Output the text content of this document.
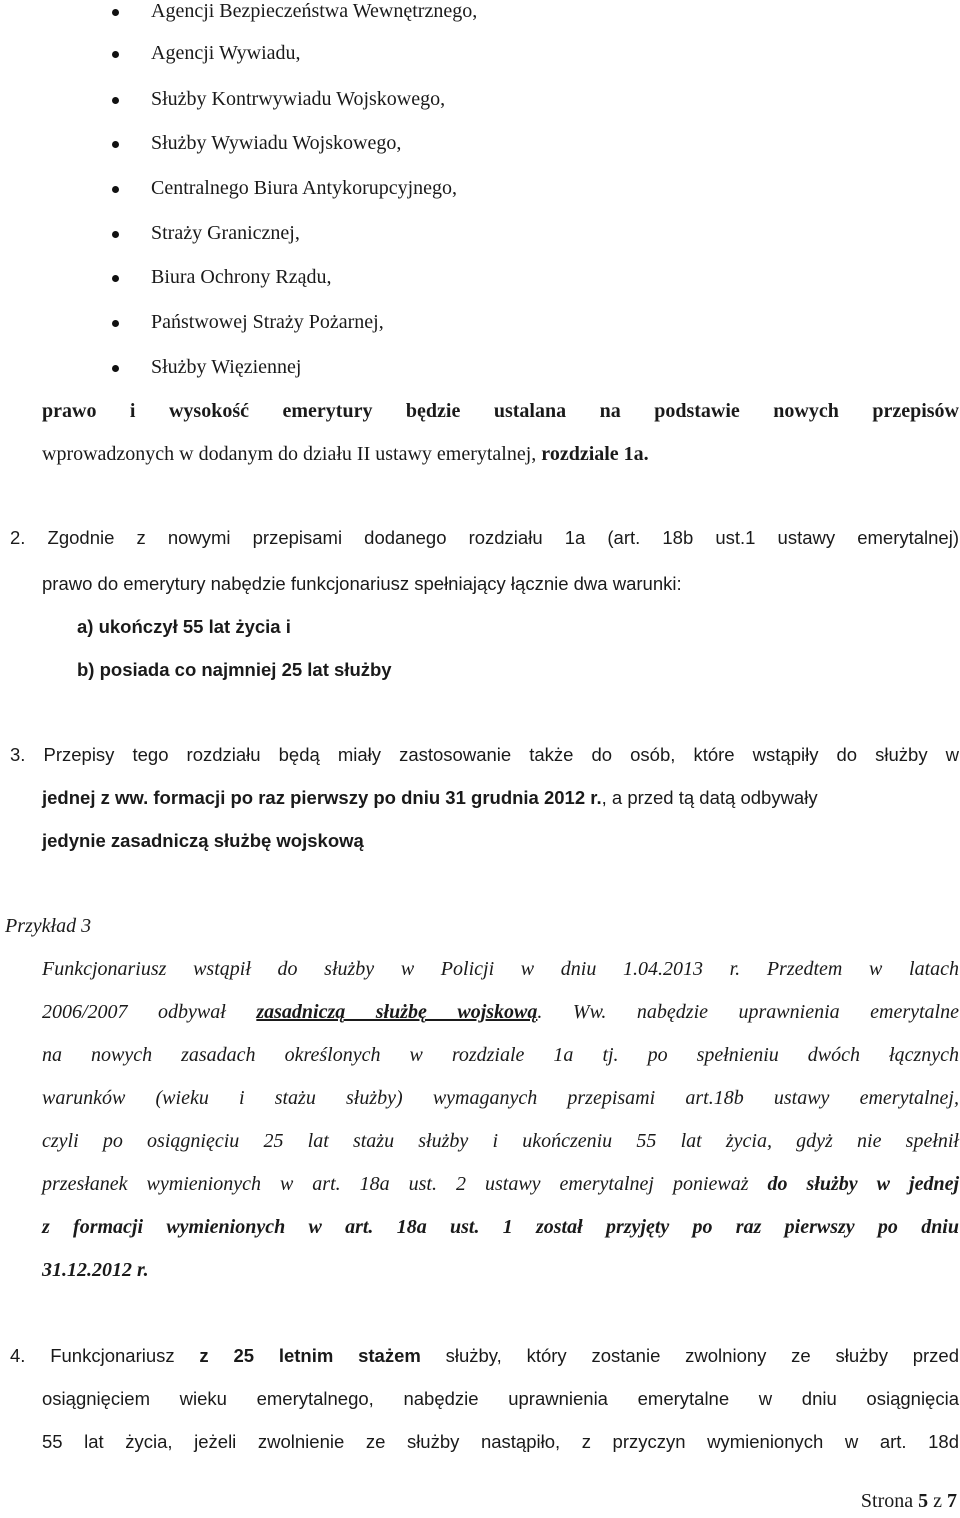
Agencji Bezpieczeństwa Wewnętrznego,
Agencji Wywiadu,
Służby Kontrwywiadu Wojskowego,
Służby Wywiadu Wojskowego,
Centralnego Biura Antykorupcyjnego,
Straży Granicznej,
Biura Ochrony Rządu,
Państwowej Straży Pożarnej,
Służby Więziennej
prawo i wysokość emerytury będzie ustalana na podstawie nowych przepisów
wprowadzonych w dodanym do działu II ustawy emerytalnej, rozdziale 1a.
2. Zgodnie z nowymi przepisami dodanego rozdziału 1a (art. 18b ust.1 ustawy emerytalnej)
prawo do emerytury nabędzie funkcjonariusz spełniający łącznie dwa warunki:
a) ukończył 55 lat życia i
b) posiada co najmniej 25 lat służby
3. Przepisy tego rozdziału będą miały zastosowanie także do osób, które wstąpiły do służby w
jednej z ww. formacji po raz pierwszy po dniu 31 grudnia 2012 r., a przed tą datą odbywały
jedynie zasadniczą służbę wojskową
Przykład 3
Funkcjonariusz wstąpił do służby w Policji w dniu 1.04.2013 r. Przedtem w latach
2006/2007 odbywał zasadniczą służbę wojskową. Ww. nabędzie uprawnienia emerytalne
na nowych zasadach określonych w rozdziale 1a tj. po spełnieniu dwóch łącznych
warunków (wieku i stażu służby) wymaganych przepisami art.18b ustawy emerytalnej,
czyli po osiągnięciu 25 lat stażu służby i ukończeniu 55 lat życia, gdyż nie spełnił
przesłanek wymienionych w art. 18a ust. 2 ustawy emerytalnej ponieważ do służby w jednej
z formacji wymienionych w art. 18a ust. 1 został przyjęty po raz pierwszy po dniu
31.12.2012 r.
4. Funkcjonariusz z 25 letnim stażem służby, który zostanie zwolniony ze służby przed
osiągnięciem wieku emerytalnego, nabędzie uprawnienia emerytalne w dniu osiągnięcia
55 lat życia, jeżeli zwolnienie ze służby nastąpiło, z przyczyn wymienionych w art. 18d
Strona 5 z 7
